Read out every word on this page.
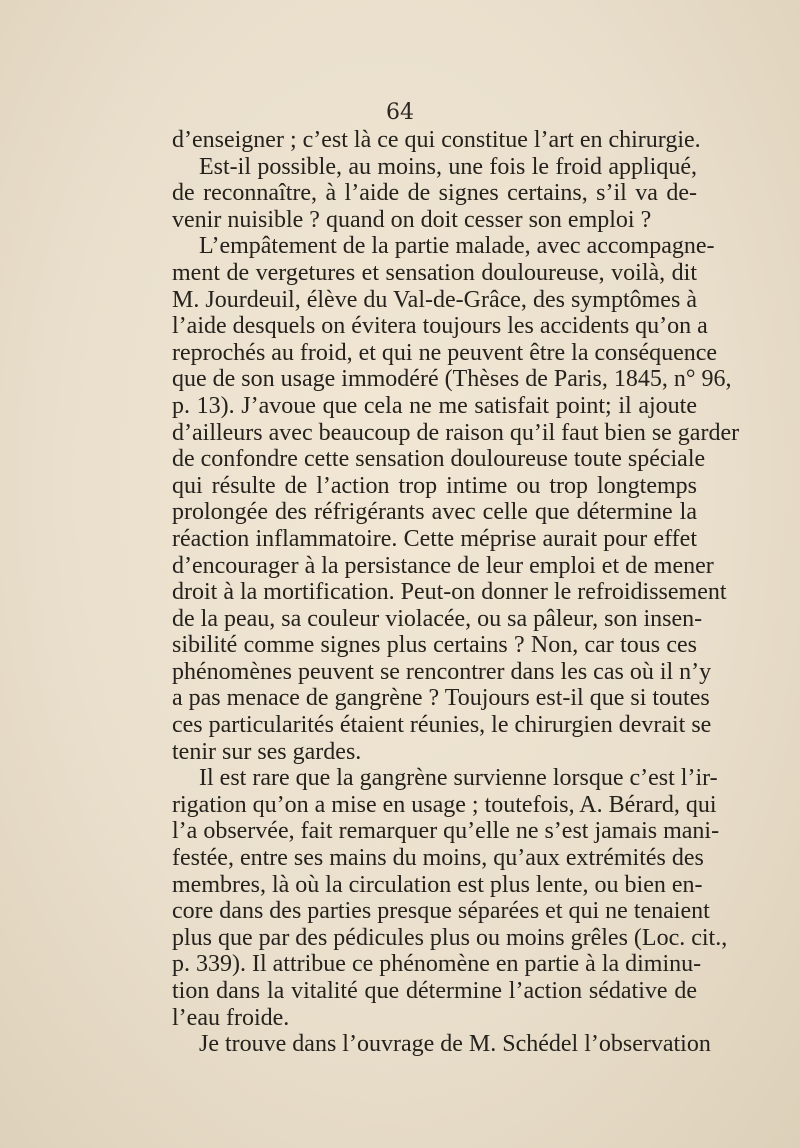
64
d’enseigner ; c’est là ce qui constitue l’art en chirurgie.
Est-il possible, au moins, une fois le froid appliqué,
de reconnaître, à l’aide de signes certains, s’il va de-
venir nuisible ? quand on doit cesser son emploi ?
L’empâtement de la partie malade, avec accompagne-
ment de vergetures et sensation douloureuse, voilà, dit
M. Jourdeuil, élève du Val-de-Grâce, des symptômes à
l’aide desquels on évitera toujours les accidents qu’on a
reprochés au froid, et qui ne peuvent être la conséquence
que de son usage immodéré (Thèses de Paris, 1845, n° 96,
p. 13). J’avoue que cela ne me satisfait point; il ajoute
d’ailleurs avec beaucoup de raison qu’il faut bien se garder
de confondre cette sensation douloureuse toute spéciale
qui résulte de l’action trop intime ou trop longtemps
prolongée des réfrigérants avec celle que détermine la
réaction inflammatoire. Cette méprise aurait pour effet
d’encourager à la persistance de leur emploi et de mener
droit à la mortification. Peut-on donner le refroidissement
de la peau, sa couleur violacée, ou sa pâleur, son insen-
sibilité comme signes plus certains ? Non, car tous ces
phénomènes peuvent se rencontrer dans les cas où il n’y
a pas menace de gangrène ? Toujours est-il que si toutes
ces particularités étaient réunies, le chirurgien devrait se
tenir sur ses gardes.
Il est rare que la gangrène survienne lorsque c’est l’ir-
rigation qu’on a mise en usage ; toutefois, A. Bérard, qui
l’a observée, fait remarquer qu’elle ne s’est jamais mani-
festée, entre ses mains du moins, qu’aux extrémités des
membres, là où la circulation est plus lente, ou bien en-
core dans des parties presque séparées et qui ne tenaient
plus que par des pédicules plus ou moins grêles (Loc. cit.,
p. 339). Il attribue ce phénomène en partie à la diminu-
tion dans la vitalité que détermine l’action sédative de
l’eau froide.
Je trouve dans l’ouvrage de M. Schédel l’observation
